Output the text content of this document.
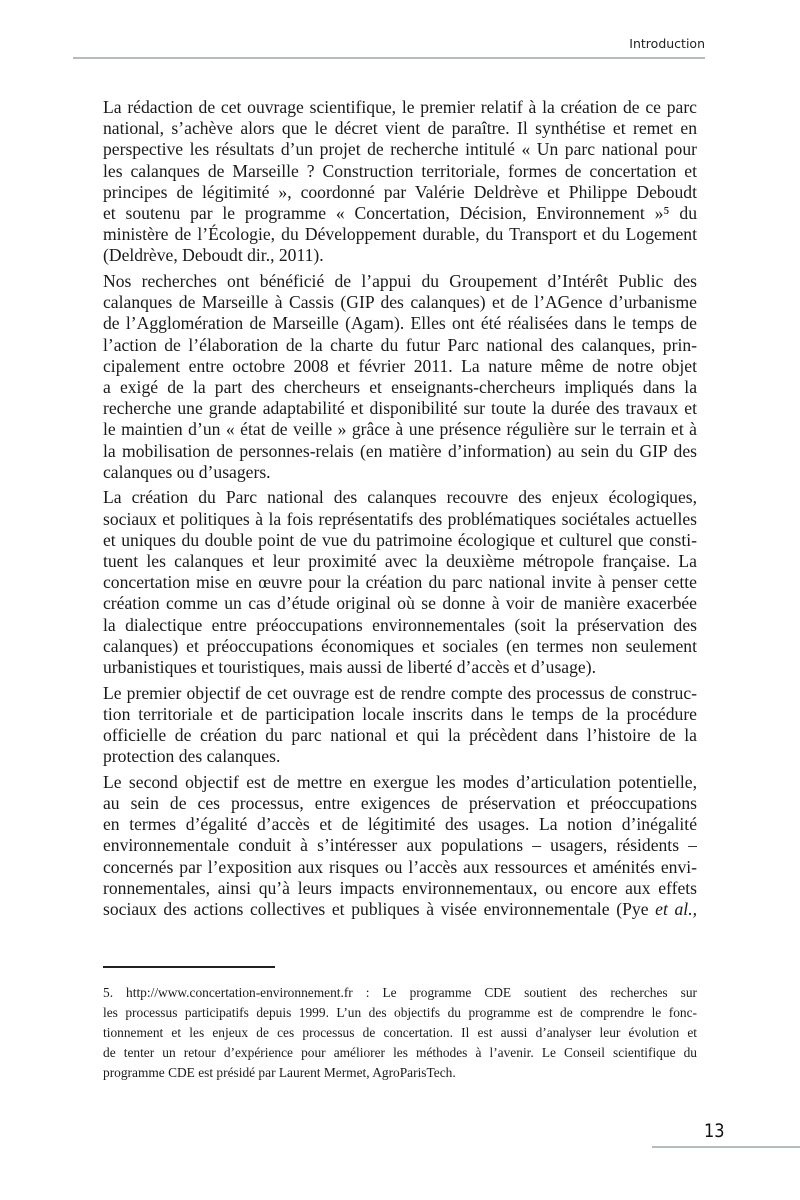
Introduction
La rédaction de cet ouvrage scientifique, le premier relatif à la création de ce parc
national, s’achève alors que le décret vient de paraître. Il synthétise et remet en
perspective les résultats d’un projet de recherche intitulé « Un parc national pour
les calanques de Marseille ? Construction territoriale, formes de concertation et
principes de légitimité », coordonné par Valérie Deldrève et Philippe Deboudt
et soutenu par le programme « Concertation, Décision, Environnement »⁵ du
ministère de l’Écologie, du Développement durable, du Transport et du Logement
(Deldrève, Deboudt dir., 2011).
Nos recherches ont bénéficié de l’appui du Groupement d’Intérêt Public des
calanques de Marseille à Cassis (GIP des calanques) et de l’AGence d’urbanisme
de l’Agglomération de Marseille (Agam). Elles ont été réalisées dans le temps de
l’action de l’élaboration de la charte du futur Parc national des calanques, prin-
cipalement entre octobre 2008 et février 2011. La nature même de notre objet
a exigé de la part des chercheurs et enseignants-chercheurs impliqués dans la
recherche une grande adaptabilité et disponibilité sur toute la durée des travaux et
le maintien d’un « état de veille » grâce à une présence régulière sur le terrain et à
la mobilisation de personnes-relais (en matière d’information) au sein du GIP des
calanques ou d’usagers.
La création du Parc national des calanques recouvre des enjeux écologiques,
sociaux et politiques à la fois représentatifs des problématiques sociétales actuelles
et uniques du double point de vue du patrimoine écologique et culturel que consti-
tuent les calanques et leur proximité avec la deuxième métropole française. La
concertation mise en œuvre pour la création du parc national invite à penser cette
création comme un cas d’étude original où se donne à voir de manière exacerbée
la dialectique entre préoccupations environnementales (soit la préservation des
calanques) et préoccupations économiques et sociales (en termes non seulement
urbanistiques et touristiques, mais aussi de liberté d’accès et d’usage).
Le premier objectif de cet ouvrage est de rendre compte des processus de construc-
tion territoriale et de participation locale inscrits dans le temps de la procédure
officielle de création du parc national et qui la précèdent dans l’histoire de la
protection des calanques.
Le second objectif est de mettre en exergue les modes d’articulation potentielle,
au sein de ces processus, entre exigences de préservation et préoccupations
en termes d’égalité d’accès et de légitimité des usages. La notion d’inégalité
environnementale conduit à s’intéresser aux populations – usagers, résidents –
concernés par l’exposition aux risques ou l’accès aux ressources et aménités envi-
ronnementales, ainsi qu’à leurs impacts environnementaux, ou encore aux effets
sociaux des actions collectives et publiques à visée environnementale (Pye et al.,
5. http://www.concertation-environnement.fr : Le programme CDE soutient des recherches sur
les processus participatifs depuis 1999. L’un des objectifs du programme est de comprendre le fonc-
tionnement et les enjeux de ces processus de concertation. Il est aussi d’analyser leur évolution et
de tenter un retour d’expérience pour améliorer les méthodes à l’avenir. Le Conseil scientifique du
programme CDE est présidé par Laurent Mermet, AgroParisTech.
13
